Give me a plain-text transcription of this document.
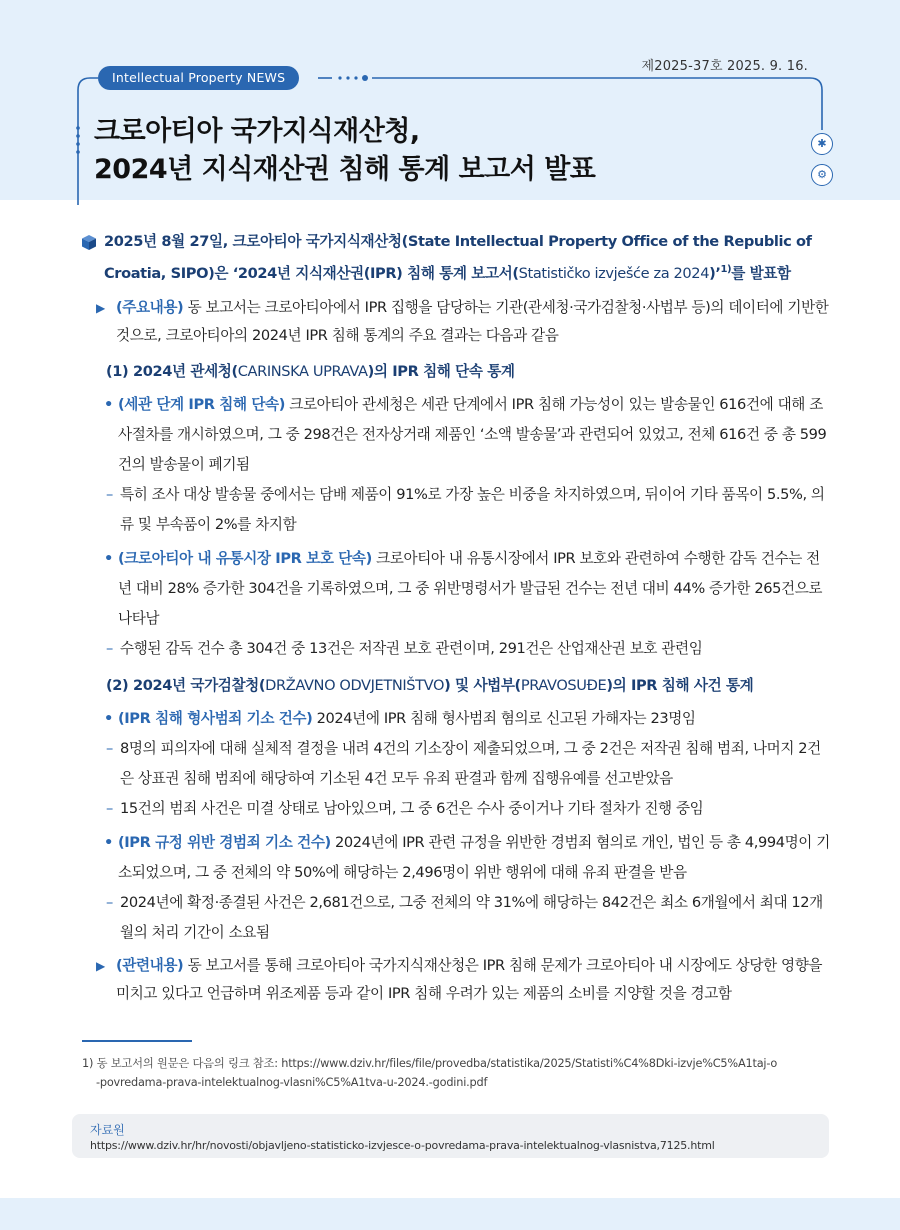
제2025-37호 2025. 9. 16.
Intellectual Property NEWS
크로아티아 국가지식재산청,
2024년 지식재산권 침해 통계 보고서 발표
✱
⚙
2025년 8월 27일, 크로아티아 국가지식재산청(State Intellectual Property Office of the Republic of
Croatia, SIPO)은 ‘2024년 지식재산권(IPR) 침해 통계 보고서(Statističko izvješće za 2024)’$^{1)}$를 발표함
▶ (주요내용) 동 보고서는 크로아티아에서 IPR 집행을 담당하는 기관(관세청·국가검찰청·사법부 등)의 데이터에 기반한 것으로, 크로아티아의 2024년 IPR 침해 통계의 주요 결과는 다음과 같음
(1) 2024년 관세청(CARINSKA UPRAVA)의 IPR 침해 단속 통계
• (세관 단계 IPR 침해 단속) 크로아티아 관세청은 세관 단계에서 IPR 침해 가능성이 있는 발송물인 616건에 대해 조사절차를 개시하였으며, 그 중 298건은 전자상거래 제품인 ‘소액 발송물’과 관련되어 있었고, 전체 616건 중 총 599건의 발송물이 폐기됨
– 특히 조사 대상 발송물 중에서는 담배 제품이 91%로 가장 높은 비중을 차지하였으며, 뒤이어 기타 품목이 5.5%, 의류 및 부속품이 2%를 차지함
• (크로아티아 내 유통시장 IPR 보호 단속) 크로아티아 내 유통시장에서 IPR 보호와 관련하여 수행한 감독 건수는 전년 대비 28% 증가한 304건을 기록하였으며, 그 중 위반명령서가 발급된 건수는 전년 대비 44% 증가한 265건으로 나타남
– 수행된 감독 건수 총 304건 중 13건은 저작권 보호 관련이며, 291건은 산업재산권 보호 관련임
(2) 2024년 국가검찰청(DRŽAVNO ODVJETNIŠTVO) 및 사법부(PRAVOSUĐE)의 IPR 침해 사건 통계
• (IPR 침해 형사범죄 기소 건수) 2024년에 IPR 침해 형사범죄 혐의로 신고된 가해자는 23명임
– 8명의 피의자에 대해 실체적 결정을 내려 4건의 기소장이 제출되었으며, 그 중 2건은 저작권 침해 범죄, 나머지 2건은 상표권 침해 범죄에 해당하여 기소된 4건 모두 유죄 판결과 함께 집행유예를 선고받았음
– 15건의 범죄 사건은 미결 상태로 남아있으며, 그 중 6건은 수사 중이거나 기타 절차가 진행 중임
• (IPR 규정 위반 경범죄 기소 건수) 2024년에 IPR 관련 규정을 위반한 경범죄 혐의로 개인, 법인 등 총 4,994명이 기소되었으며, 그 중 전체의 약 50%에 해당하는 2,496명이 위반 행위에 대해 유죄 판결을 받음
– 2024년에 확정·종결된 사건은 2,681건으로, 그중 전체의 약 31%에 해당하는 842건은 최소 6개월에서 최대 12개월의 처리 기간이 소요됨
▶ (관련내용) 동 보고서를 통해 크로아티아 국가지식재산청은 IPR 침해 문제가 크로아티아 내 시장에도 상당한 영향을 미치고 있다고 언급하며 위조제품 등과 같이 IPR 침해 우려가 있는 제품의 소비를 지양할 것을 경고함
1) 동 보고서의 원문은 다음의 링크 참조: https://www.dziv.hr/files/file/provedba/statistika/2025/Statisti%C4%8Dki-izvje%C5%A1taj-o
-povredama-prava-intelektualnog-vlasni%C5%A1tva-u-2024.-godini.pdf
자료원
https://www.dziv.hr/hr/novosti/objavljeno-statisticko-izvjesce-o-povredama-prava-intelektualnog-vlasnistva,7125.html
